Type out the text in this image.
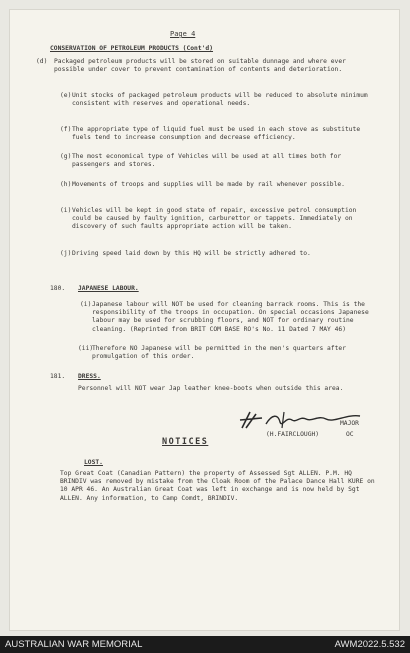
Page 4
CONSERVATION OF PETROLEUM PRODUCTS (Cont'd)
(d) Packaged petroleum products will be stored on suitable dunnage and where ever possible under cover to prevent contamination of contents and deterioration.
(e) Unit stocks of packaged petroleum products will be reduced to absolute minimum consistent with reserves and operational needs.
(f) The appropriate type of liquid fuel must be used in each stove as substitute fuels tend to increase consumption and decrease efficiency.
(g) The most economical type of Vehicles will be used at all times both for passengers and stores.
(h) Movements of troops and supplies will be made by rail whenever possible.
(i) Vehicles will be kept in good state of repair, excessive petrol consumption could be caused by faulty ignition, carburettor or tappets. Immediately on discovery of such faults appropriate action will be taken.
(j) Driving speed laid down by this HQ will be strictly adhered to.
180. JAPANESE LABOUR.
(i) Japanese labour will NOT be used for cleaning barrack rooms. This is the responsibility of the troops in occupation. On special occasions Japanese labour may be used for scrubbing floors, and NOT for ordinary routine cleaning. (Reprinted from BRIT COM BASE RO's No. 11 Dated 7 MAY 46)
(ii)
Therefore NO Japanese will be permitted in the men's quarters after promulgation of this order.
181. DRESS.
Personnel will NOT wear Jap leather knee-boots when outside this area.
MAJOR
(H.FAIRCLOUGH)	OC
NOTICES
LOST.
Top Great Coat (Canadian Pattern) the property of Assessed Sgt ALLEN. P.M. HQ BRINDIV was removed by mistake from the Cloak Room of the Palace Dance Hall KURE on 10 APR 46. An Australian Great Coat was left in exchange and is now held by Sgt ALLEN. Any information, to Camp Comdt, BRINDIV.
AUSTRALIAN WAR MEMORIAL	AWM2022.5.532
